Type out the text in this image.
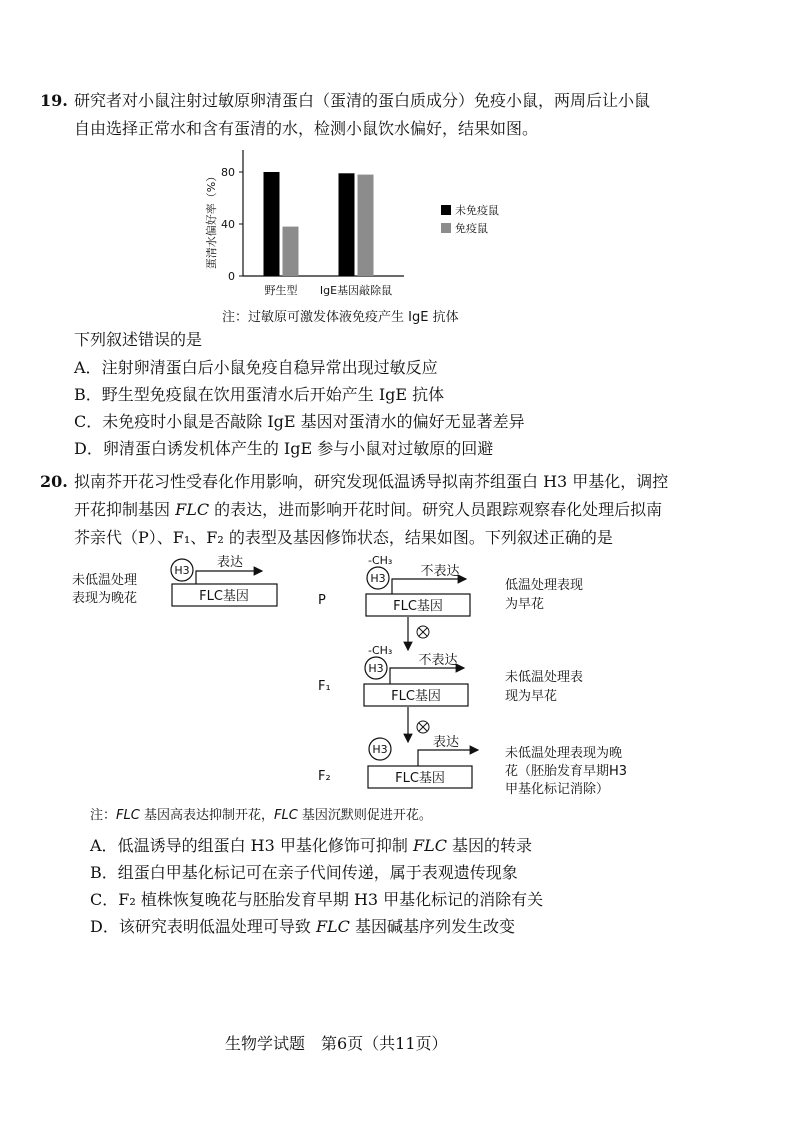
19. 研究者对小鼠注射过敏原卵清蛋白（蛋清的蛋白质成分）免疫小鼠，两周后让小鼠
自由选择正常水和含有蛋清的水，检测小鼠饮水偏好，结果如图。
0
40
80
野生型 IgE基因敲除鼠
蛋清水偏好率（%）	未免疫鼠
免疫鼠
注：过敏原可激发体液免疫产生 IgE 抗体
下列叙述错误的是
A．注射卵清蛋白后小鼠免疫自稳异常出现过敏反应
B．野生型免疫鼠在饮用蛋清水后开始产生 IgE 抗体
C．未免疫时小鼠是否敲除 IgE 基因对蛋清水的偏好无显著差异
D．卵清蛋白诱发机体产生的 IgE 参与小鼠对过敏原的回避
20. 拟南芥开花习性受春化作用影响，研究发现低温诱导拟南芥组蛋白 H3 甲基化，调控
开花抑制基因 FLC 的表达，进而影响开花时间。研究人员跟踪观察春化处理后拟南
芥亲代（P）、F₁、F₂ 的表型及基因修饰状态，结果如图。下列叙述正确的是
未低温处理
表现为晚花	FLC基因
H3
表达
P
-CH₃
H3	不表达
FLC基因
低温处理表现
为早花
F₁
-CH₃
H3
不表达
FLC基因
未低温处理表
现为早花
F₂
H3	表达
FLC基因
未低温处理表现为晚
花（胚胎发育早期H3
甲基化标记消除）
注：FLC 基因高表达抑制开花，FLC 基因沉默则促进开花。
A．低温诱导的组蛋白 H3 甲基化修饰可抑制 FLC 基因的转录
B．组蛋白甲基化标记可在亲子代间传递，属于表观遗传现象
C．F₂ 植株恢复晚花与胚胎发育早期 H3 甲基化标记的消除有关
D．该研究表明低温处理可导致 FLC 基因碱基序列发生改变
生物学试题　第6页（共11页）
